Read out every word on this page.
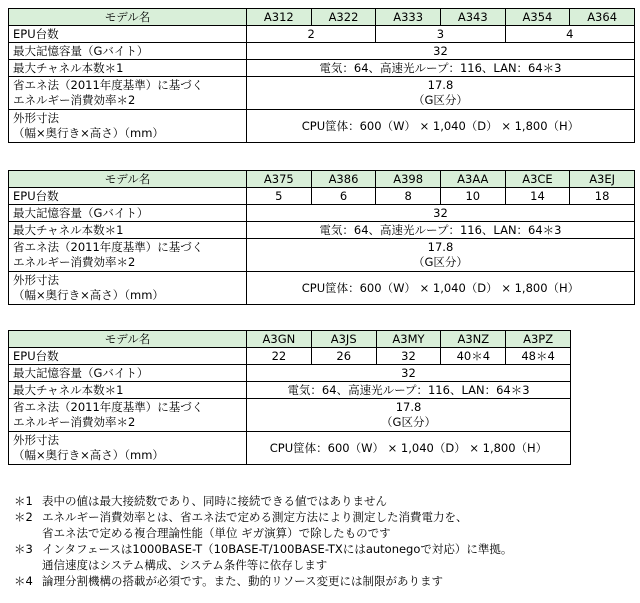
モデル名	A312	A322	A333	A343	A354	A364
EPU台数	2		3		4	
最大記憶容量（Gバイト）	32					
最大チャネル本数＊1	電気：64、高速光ループ：116、LAN：64＊3					
省エネ法（2011年度基準）に基づく
エネルギー消費効率＊2	17.8
（G区分）					
外形寸法
（幅×奥行き×高さ）（mm）	CPU筐体：600（W） × 1,040（D） × 1,800（H）					
モデル名	A375	A386	A398	A3AA	A3CE	A3EJ
EPU台数	5	6	8	10	14	18
最大記憶容量（Gバイト）	32					
最大チャネル本数＊1	電気：64、高速光ループ：116、LAN：64＊3					
省エネ法（2011年度基準）に基づく
エネルギー消費効率＊2	17.8
（G区分）					
外形寸法
（幅×奥行き×高さ）（mm）	CPU筐体：600（W） × 1,040（D） × 1,800（H）					
モデル名	A3GN	A3JS	A3MY	A3NZ	A3PZ
EPU台数	22	26	32	40＊4	48＊4
最大記憶容量（Gバイト）	32				
最大チャネル本数＊1	電気：64、高速光ループ：116、LAN：64＊3				
省エネ法（2011年度基準）に基づく
エネルギー消費効率＊2	17.8
（G区分）				
外形寸法
（幅×奥行き×高さ）（mm）	CPU筐体：600（W） × 1,040（D） × 1,800（H）				
＊1 表中の値は最大接続数であり、同時に接続できる値ではありません
＊2 エネルギー消費効率とは、省エネ法で定める測定方法により測定した消費電力を、
省エネ法で定める複合理論性能（単位 ギガ演算）で除したものです
＊3 インタフェースは1000BASE-T（10BASE-T/100BASE-TXにはautonegoで対応）に準拠。
通信速度はシステム構成、システム条件等に依存します
＊4 論理分割機構の搭載が必須です。また、動的リソース変更には制限があります
